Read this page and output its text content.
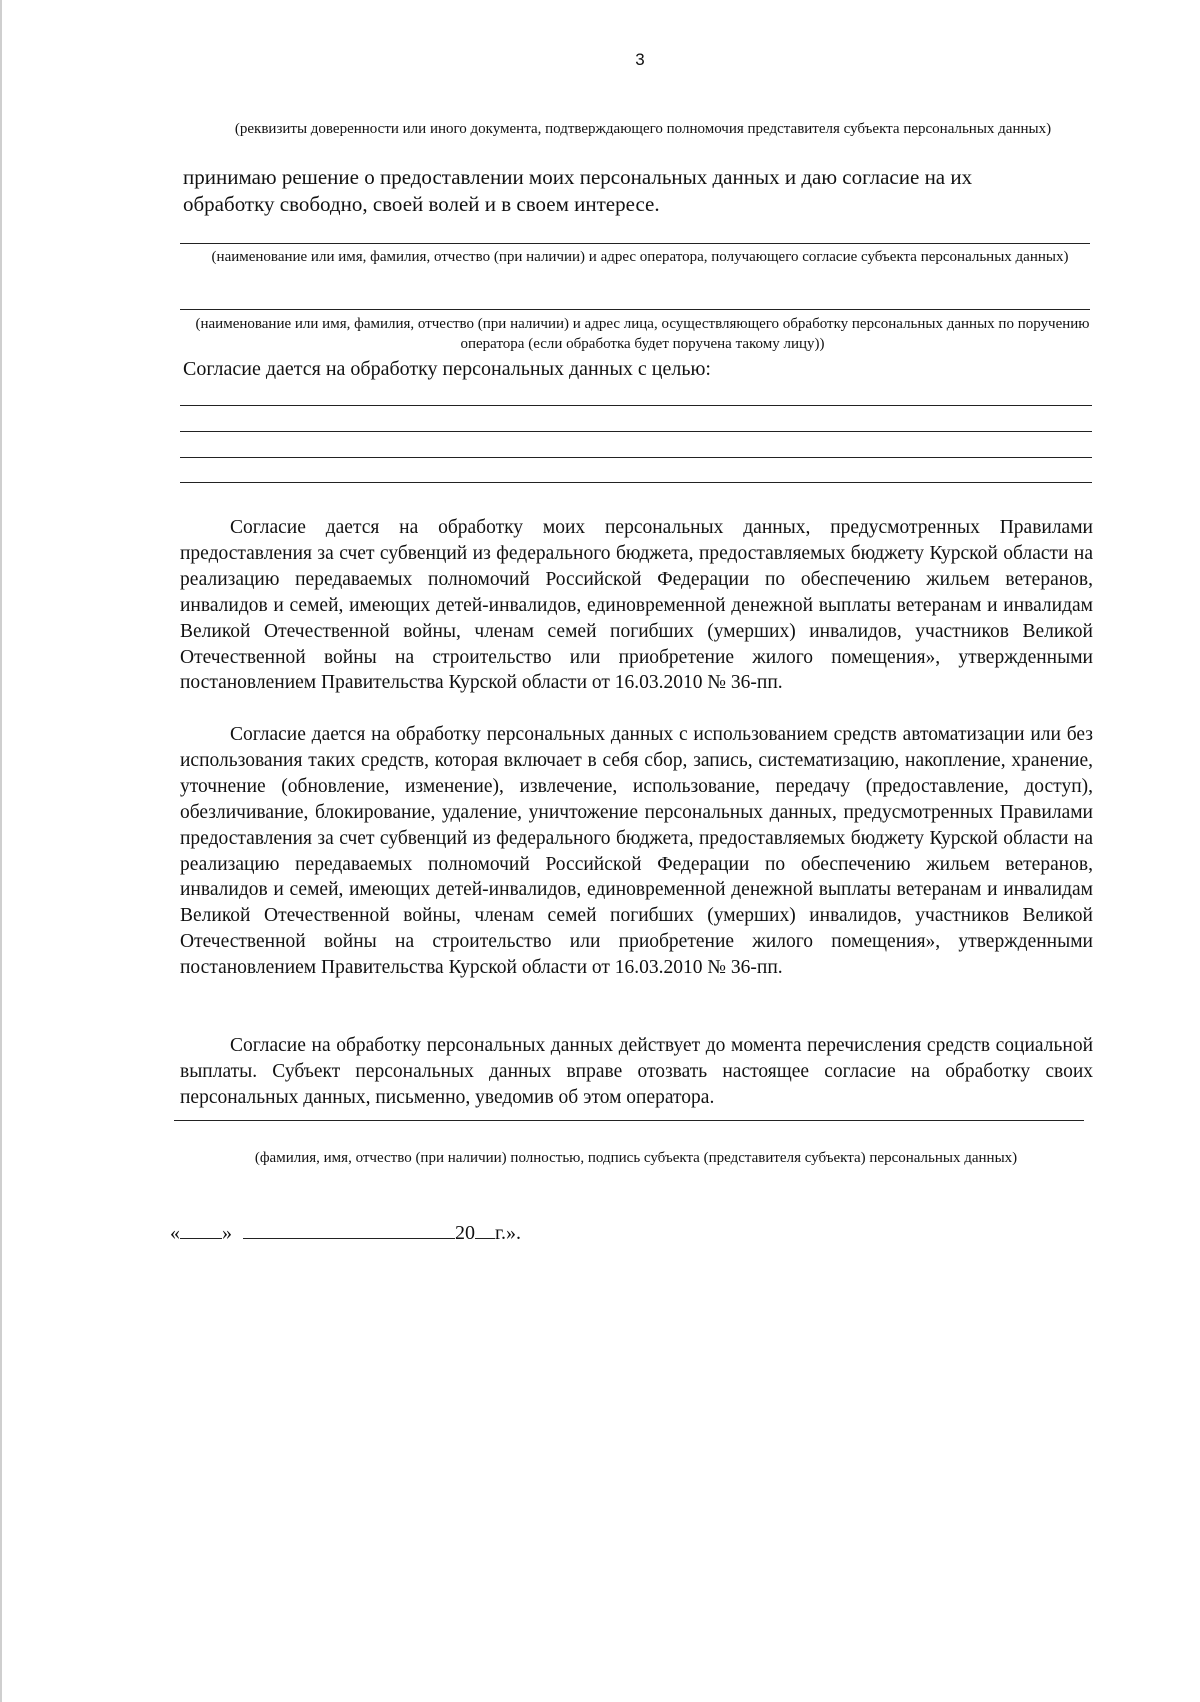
3
(реквизиты доверенности или иного документа, подтверждающего полномочия представителя субъекта персональных данных)
принимаю решение о предоставлении моих персональных данных и даю согласие на их
обработку свободно, своей волей и в своем интересе.
(наименование или имя, фамилия, отчество (при наличии) и адрес оператора, получающего согласие субъекта персональных данных)
(наименование или имя, фамилия, отчество (при наличии) и адрес лица, осуществляющего обработку персональных данных по поручению оператора (если обработка будет поручена такому лицу))
Согласие дается на обработку персональных данных с целью:
Согласие дается на обработку моих персональных данных, предусмотренных Правилами предоставления за счет субвенций из федерального бюджета, предоставляемых бюджету Курской области на реализацию передаваемых полномочий Российской Федерации по обеспечению жильем ветеранов, инвалидов и семей, имеющих детей-инвалидов, единовременной денежной выплаты ветеранам и инвалидам Великой Отечественной войны, членам семей погибших (умерших) инвалидов, участников Великой Отечественной войны на строительство или приобретение жилого помещения», утвержденными постановлением Правительства Курской области от 16.03.2010 № 36-пп.
Согласие дается на обработку персональных данных с использованием средств автоматизации или без использования таких средств, которая включает в себя сбор, запись, систематизацию, накопление, хранение, уточнение (обновление, изменение), извлечение, использование, передачу (предоставление, доступ), обезличивание, блокирование, удаление, уничтожение персональных данных, предусмотренных Правилами предоставления за счет субвенций из федерального бюджета, предоставляемых бюджету Курской области на реализацию передаваемых полномочий Российской Федерации по обеспечению жильем ветеранов, инвалидов и семей, имеющих детей-инвалидов, единовременной денежной выплаты ветеранам и инвалидам Великой Отечественной войны, членам семей погибших (умерших) инвалидов, участников Великой Отечественной войны на строительство или приобретение жилого помещения», утвержденными постановлением Правительства Курской области от 16.03.2010 № 36-пп.
Согласие на обработку персональных данных действует до момента перечисления средств социальной выплаты. Субъект персональных данных вправе отозвать настоящее согласие на обработку своих персональных данных, письменно, уведомив об этом оператора.
(фамилия, имя, отчество (при наличии) полностью, подпись субъекта (представителя субъекта) персональных данных)
« »	20 г.».
